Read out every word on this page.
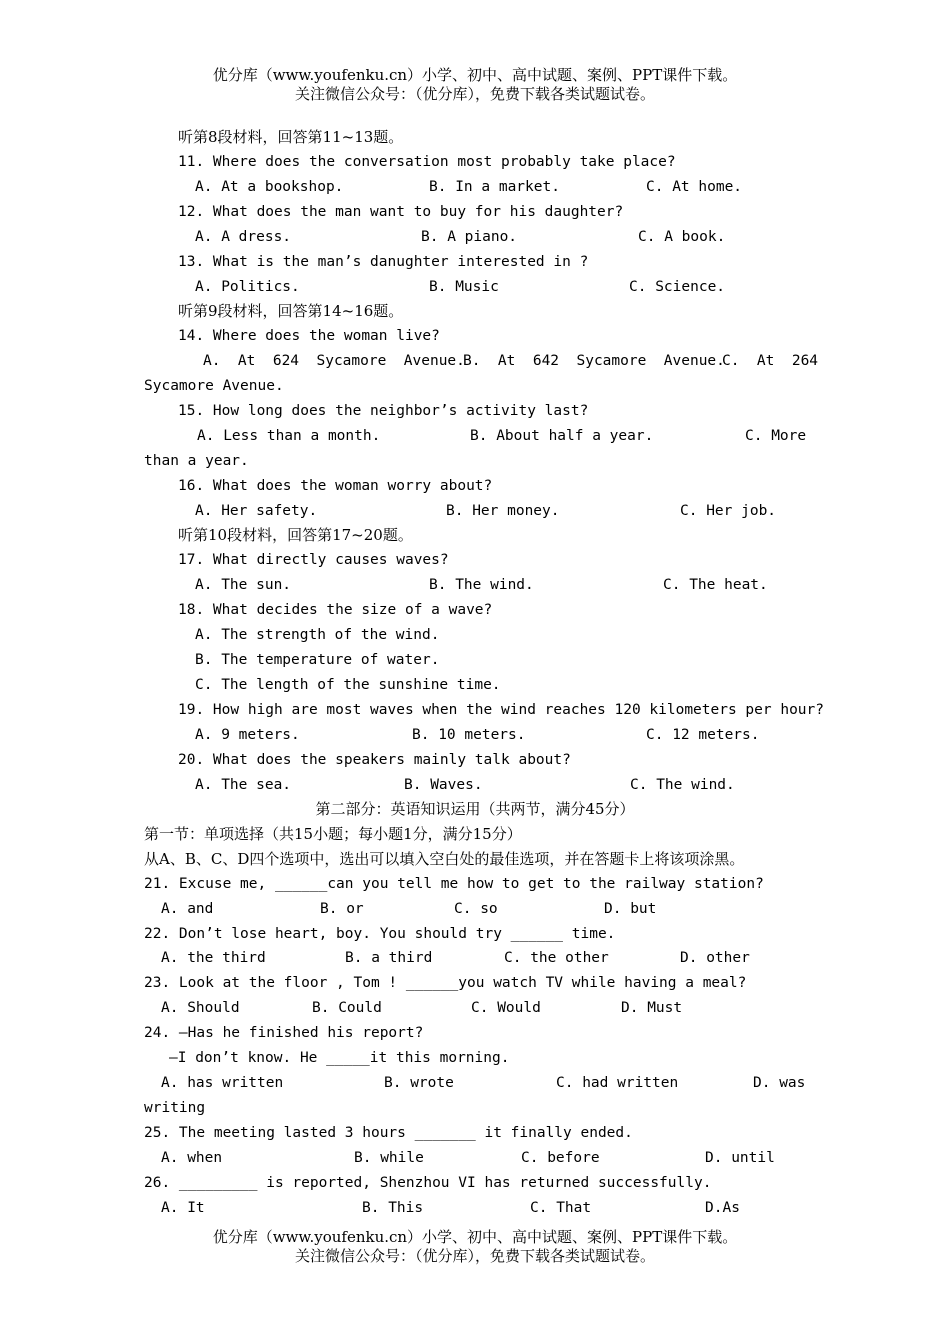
优分库（www.youfenku.cn）小学、初中、高中试题、案例、PPT课件下载。
关注微信公众号：（优分库），免费下载各类试题试卷。
听第8段材料，回答第11~13题。
11. Where does the conversation most probably take place?
A. At a bookshop.	B. In a market.	C. At home.
12. What does the man want to buy for his daughter?
A. A dress.	B. A piano.	C. A book.
13. What is the man’s danughter interested in ?
A. Politics.	B. Music	C. Science.
听第9段材料，回答第14~16题。
14. Where does the woman live?
A.  At  624  Sycamore  Avenue.
B.  At  642  Sycamore  Avenue.
C.  At  264
Sycamore Avenue.
15. How long does the neighbor’s activity last?
A. Less than a month.	B. About half a year.	C. More
than a year.
16. What does the woman worry about?
A. Her safety.	B. Her money.	C. Her job.
听第10段材料，回答第17~20题。
17. What directly causes waves?
A. The sun.	B. The wind.	C. The heat.
18. What decides the size of a wave?
A. The strength of the wind.
B. The temperature of water.
C. The length of the sunshine time.
19. How high are most waves when the wind reaches 120 kilometers per hour?
A. 9 meters.	B. 10 meters.	C. 12 meters.
20. What does the speakers mainly talk about?
A. The sea.	B. Waves.	C. The wind.
第二部分：英语知识运用（共两节，满分45分）
第一节：单项选择（共15小题；每小题1分，满分15分）
从A、B、C、D四个选项中，选出可以填入空白处的最佳选项，并在答题卡上将该项涂黑。
21. Excuse me, ______can you tell me how to get to the railway station?
A. and	B. or	C. so	D. but
22. Don’t lose heart, boy. You should try ______ time.
A. the third	B. a third	C. the other	D. other
23. Look at the floor , Tom ! ______you watch TV while having a meal?
A. Should	B. Could	C. Would	D. Must
24. —Has he finished his report?
—I don’t know. He _____it this morning.
A. has written	B. wrote	C. had written	D. was
writing
25. The meeting lasted 3 hours _______ it finally ended.
A. when	B. while	C. before	D. until
26. _________ is reported, Shenzhou VI has returned successfully.
A. It	B. This	C. That	D.As
优分库（www.youfenku.cn）小学、初中、高中试题、案例、PPT课件下载。
关注微信公众号：（优分库），免费下载各类试题试卷。
